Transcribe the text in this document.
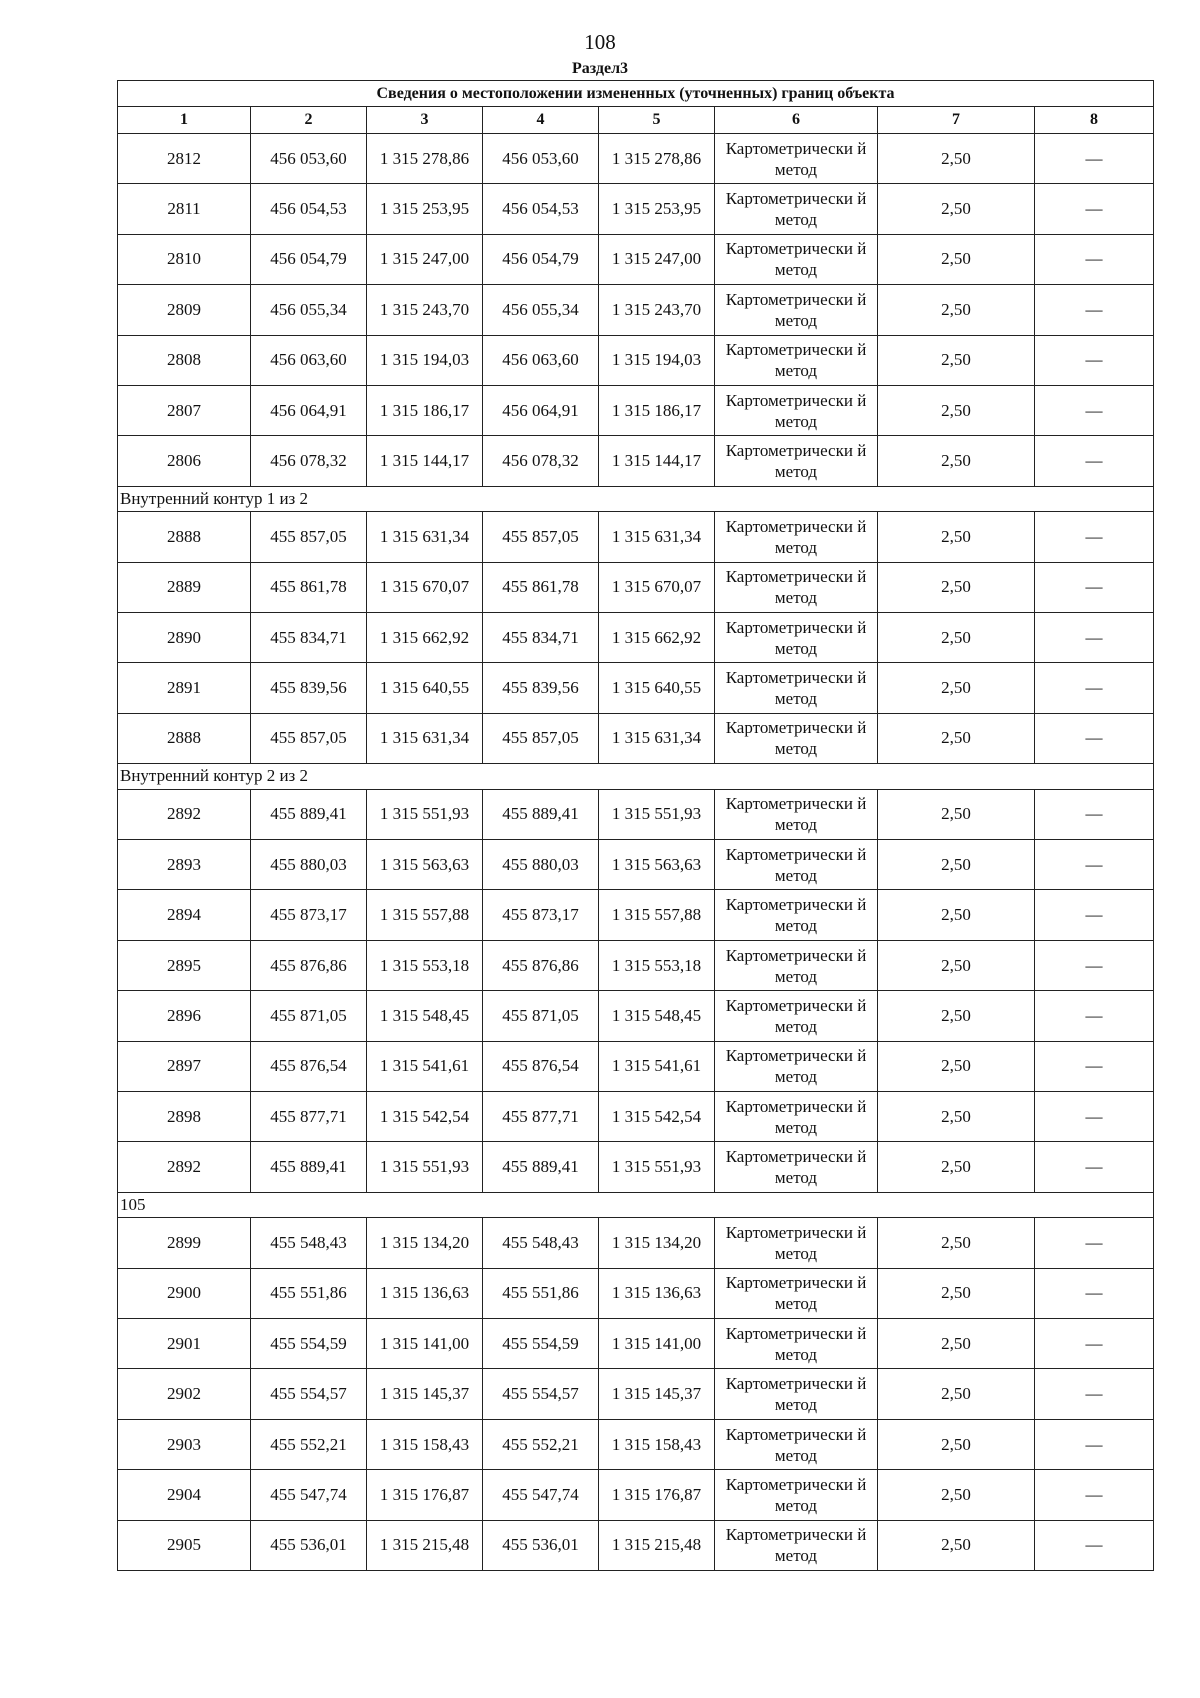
108
Раздел3
Сведения о местоположении измененных (уточненных) границ объекта							
1	2	3	4	5	6	7	8
2812	456 053,60	1 315 278,86	456 053,60	1 315 278,86	Картометрически й метод	2,50	—
2811	456 054,53	1 315 253,95	456 054,53	1 315 253,95	Картометрически й метод	2,50	—
2810	456 054,79	1 315 247,00	456 054,79	1 315 247,00	Картометрически й метод	2,50	—
2809	456 055,34	1 315 243,70	456 055,34	1 315 243,70	Картометрически й метод	2,50	—
2808	456 063,60	1 315 194,03	456 063,60	1 315 194,03	Картометрически й метод	2,50	—
2807	456 064,91	1 315 186,17	456 064,91	1 315 186,17	Картометрически й метод	2,50	—
2806	456 078,32	1 315 144,17	456 078,32	1 315 144,17	Картометрически й метод	2,50	—
Внутренний контур 1 из 2							
2888	455 857,05	1 315 631,34	455 857,05	1 315 631,34	Картометрически й метод	2,50	—
2889	455 861,78	1 315 670,07	455 861,78	1 315 670,07	Картометрически й метод	2,50	—
2890	455 834,71	1 315 662,92	455 834,71	1 315 662,92	Картометрически й метод	2,50	—
2891	455 839,56	1 315 640,55	455 839,56	1 315 640,55	Картометрически й метод	2,50	—
2888	455 857,05	1 315 631,34	455 857,05	1 315 631,34	Картометрически й метод	2,50	—
Внутренний контур 2 из 2							
2892	455 889,41	1 315 551,93	455 889,41	1 315 551,93	Картометрически й метод	2,50	—
2893	455 880,03	1 315 563,63	455 880,03	1 315 563,63	Картометрически й метод	2,50	—
2894	455 873,17	1 315 557,88	455 873,17	1 315 557,88	Картометрически й метод	2,50	—
2895	455 876,86	1 315 553,18	455 876,86	1 315 553,18	Картометрически й метод	2,50	—
2896	455 871,05	1 315 548,45	455 871,05	1 315 548,45	Картометрически й метод	2,50	—
2897	455 876,54	1 315 541,61	455 876,54	1 315 541,61	Картометрически й метод	2,50	—
2898	455 877,71	1 315 542,54	455 877,71	1 315 542,54	Картометрически й метод	2,50	—
2892	455 889,41	1 315 551,93	455 889,41	1 315 551,93	Картометрически й метод	2,50	—
105							
2899	455 548,43	1 315 134,20	455 548,43	1 315 134,20	Картометрически й метод	2,50	—
2900	455 551,86	1 315 136,63	455 551,86	1 315 136,63	Картометрически й метод	2,50	—
2901	455 554,59	1 315 141,00	455 554,59	1 315 141,00	Картометрически й метод	2,50	—
2902	455 554,57	1 315 145,37	455 554,57	1 315 145,37	Картометрически й метод	2,50	—
2903	455 552,21	1 315 158,43	455 552,21	1 315 158,43	Картометрически й метод	2,50	—
2904	455 547,74	1 315 176,87	455 547,74	1 315 176,87	Картометрически й метод	2,50	—
2905	455 536,01	1 315 215,48	455 536,01	1 315 215,48	Картометрически й метод	2,50	—
